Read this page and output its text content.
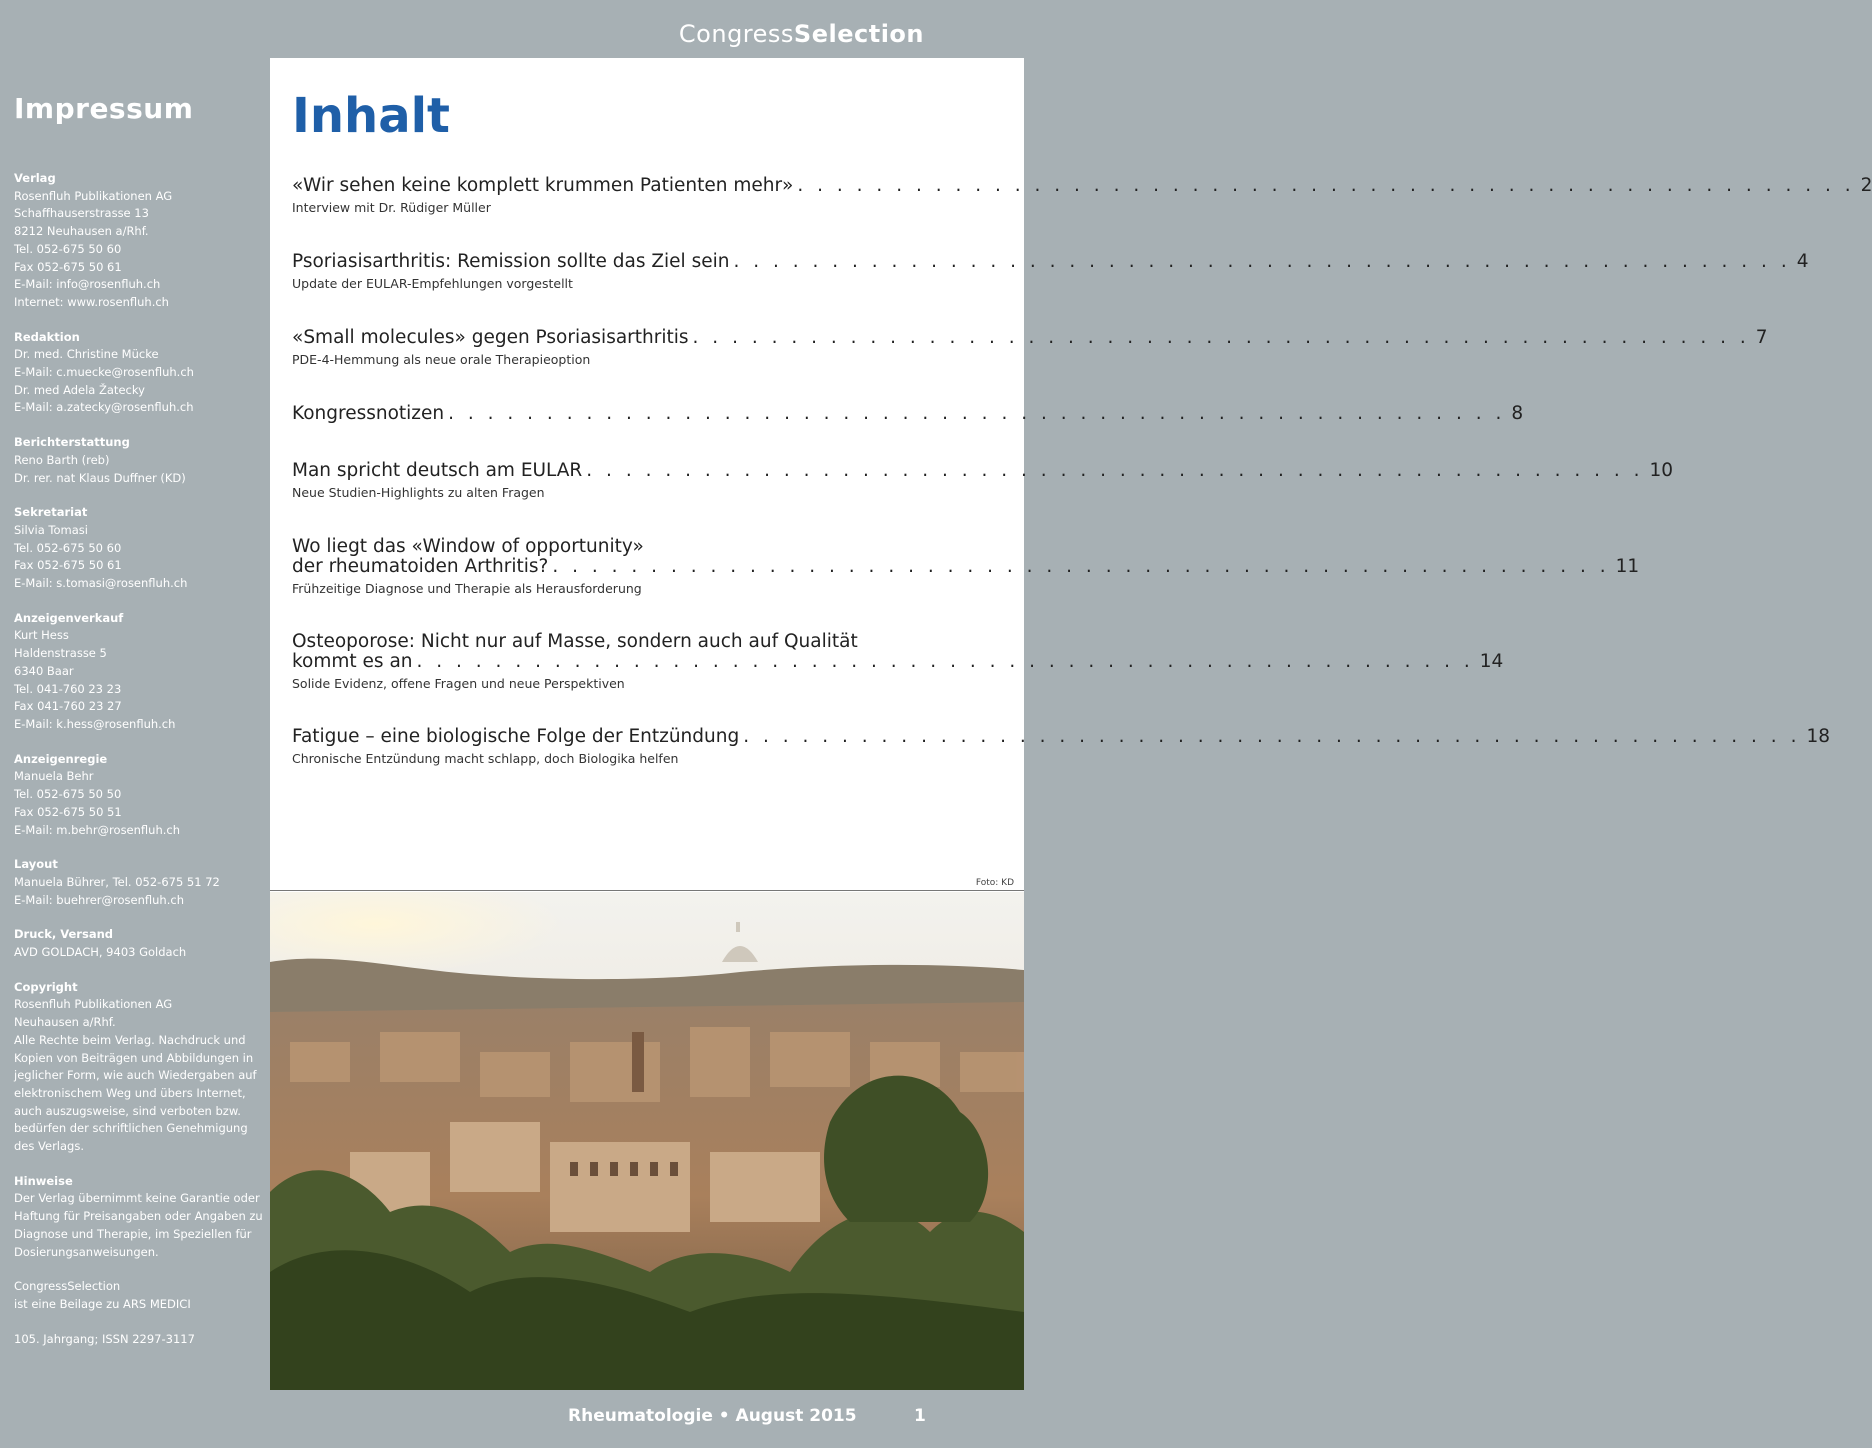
CongressSelection
Impressum
Verlag
Rosenfluh Publikationen AG
Schaffhauserstrasse 13
8212 Neuhausen a/Rhf.
Tel. 052-675 50 60
Fax 052-675 50 61
E-Mail: info@rosenfluh.ch
Internet: www.rosenfluh.ch
Redaktion
Dr. med. Christine Mücke
E-Mail: c.muecke@rosenfluh.ch
Dr. med Adela Žatecky
E-Mail: a.zatecky@rosenfluh.ch
Berichterstattung
Reno Barth (reb)
Dr. rer. nat Klaus Duffner (KD)
Sekretariat
Silvia Tomasi
Tel. 052-675 50 60
Fax 052-675 50 61
E-Mail: s.tomasi@rosenfluh.ch
Anzeigenverkauf
Kurt Hess
Haldenstrasse 5
6340 Baar
Tel. 041-760 23 23
Fax 041-760 23 27
E-Mail: k.hess@rosenfluh.ch
Anzeigenregie
Manuela Behr
Tel. 052-675 50 50
Fax 052-675 50 51
E-Mail: m.behr@rosenfluh.ch
Layout
Manuela Bührer, Tel. 052-675 51 72
E-Mail: buehrer@rosenfluh.ch
Druck, Versand
AVD GOLDACH, 9403 Goldach
Copyright
Rosenfluh Publikationen AG
Neuhausen a/Rhf.
Alle Rechte beim Verlag. Nachdruck und Kopien von Beiträgen und Abbildungen in jeglicher Form, wie auch Wiedergaben auf elektronischem Weg und übers Internet, auch auszugsweise, sind verboten bzw. bedürfen der schriftlichen Genehmigung des Verlags.
Hinweise
Der Verlag übernimmt keine Garantie oder Haftung für Preisangaben oder Angaben zu Diagnose und Therapie, im Speziellen für Dosierungsanweisungen.
CongressSelection
ist eine Beilage zu ARS MEDICI
105. Jahrgang; ISSN 2297-3117
Inhalt
«Wir sehen keine komplett krummen Patienten mehr» . . . . . . . . . . . . . . . . . . . . . . . . . . . . . . . . . . . . . . . . . . . . . . . . . . . . . . 2
Interview mit Dr. Rüdiger Müller
Psoriasisarthritis: Remission sollte das Ziel sein . . . . . . . . . . . . . . . . . . . . . . . . . . . . . . . . . . . . . . . . . . . . . . . . . . . . . . 4
Update der EULAR-Empfehlungen vorgestellt
«Small molecules» gegen Psoriasisarthritis . . . . . . . . . . . . . . . . . . . . . . . . . . . . . . . . . . . . . . . . . . . . . . . . . . . . . . 7
PDE-4-Hemmung als neue orale Therapieoption
Kongressnotizen . . . . . . . . . . . . . . . . . . . . . . . . . . . . . . . . . . . . . . . . . . . . . . . . . . . . . . 8
Man spricht deutsch am EULAR . . . . . . . . . . . . . . . . . . . . . . . . . . . . . . . . . . . . . . . . . . . . . . . . . . . . . . 10
Neue Studien-Highlights zu alten Fragen
Wo liegt das «Window of opportunity»
der rheumatoiden Arthritis? . . . . . . . . . . . . . . . . . . . . . . . . . . . . . . . . . . . . . . . . . . . . . . . . . . . . . . 11
Frühzeitige Diagnose und Therapie als Herausforderung
Osteoporose: Nicht nur auf Masse, sondern auch auf Qualität
kommt es an . . . . . . . . . . . . . . . . . . . . . . . . . . . . . . . . . . . . . . . . . . . . . . . . . . . . . . 14
Solide Evidenz, offene Fragen und neue Perspektiven
Fatigue – eine biologische Folge der Entzündung . . . . . . . . . . . . . . . . . . . . . . . . . . . . . . . . . . . . . . . . . . . . . . . . . . . . . . 18
Chronische Entzündung macht schlapp, doch Biologika helfen
Foto: KD
Rheumatologie • August 2015	1
